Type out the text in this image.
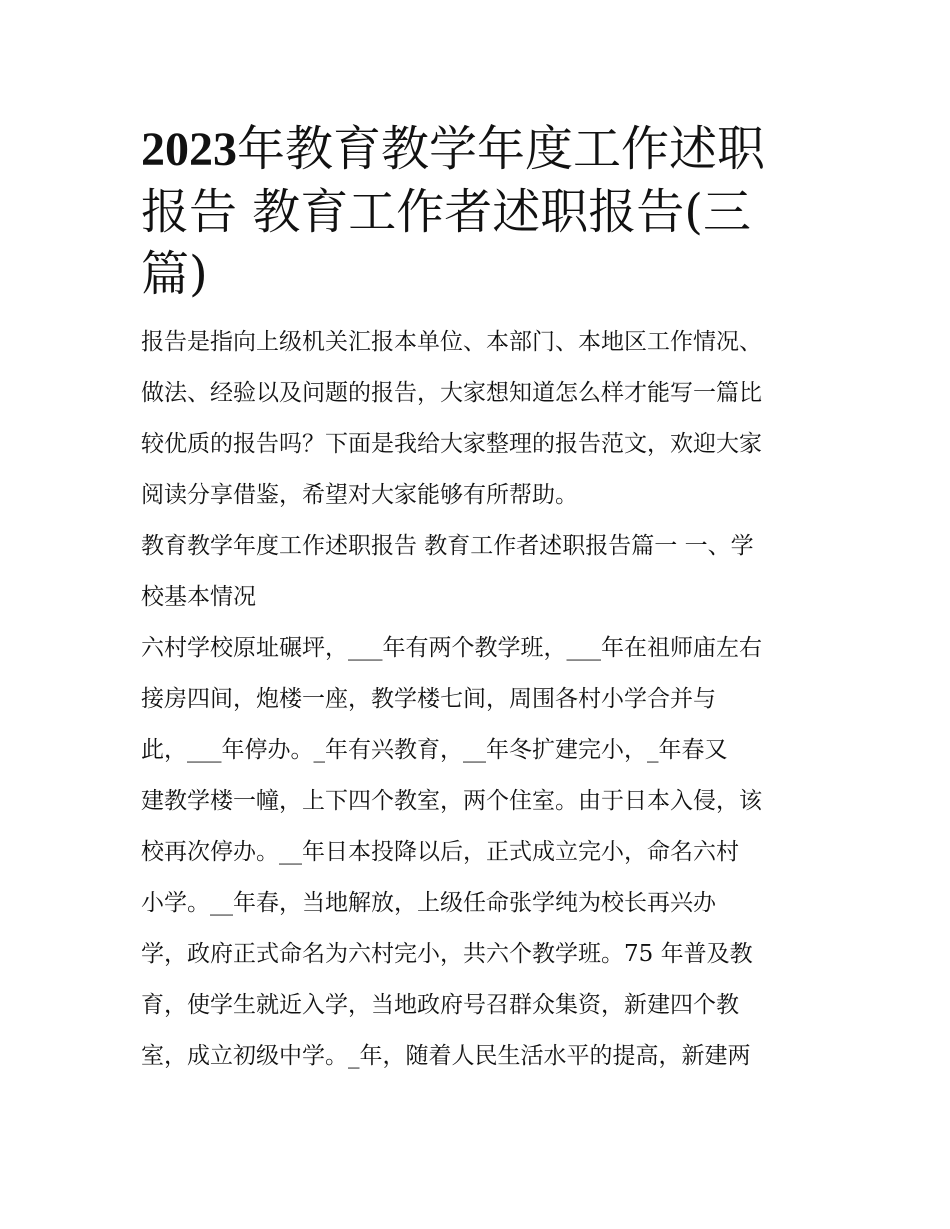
2023年教育教学年度工作述职
报告 教育工作者述职报告(三
篇)

报告是指向上级机关汇报本单位、本部门、本地区工作情况、

做法、经验以及问题的报告，大家想知道怎么样才能写一篇比

较优质的报告吗？下面是我给大家整理的报告范文，欢迎大家

阅读分享借鉴，希望对大家能够有所帮助。

教育教学年度工作述职报告 教育工作者述职报告篇一 一、学

校基本情况

六村学校原址碾坪，___年有两个教学班，___年在祖师庙左右

接房四间，炮楼一座，教学楼七间，周围各村小学合并与

此，___年停办。_年有兴教育，__年冬扩建完小，_年春又

建教学楼一幢，上下四个教室，两个住室。由于日本入侵，该

校再次停办。__年日本投降以后，正式成立完小，命名六村

小学。__年春，当地解放，上级任命张学纯为校长再兴办

学，政府正式命名为六村完小，共六个教学班。75 年普及教

育，使学生就近入学，当地政府号召群众集资，新建四个教

室，成立初级中学。_年，随着人民生活水平的提高，新建两
